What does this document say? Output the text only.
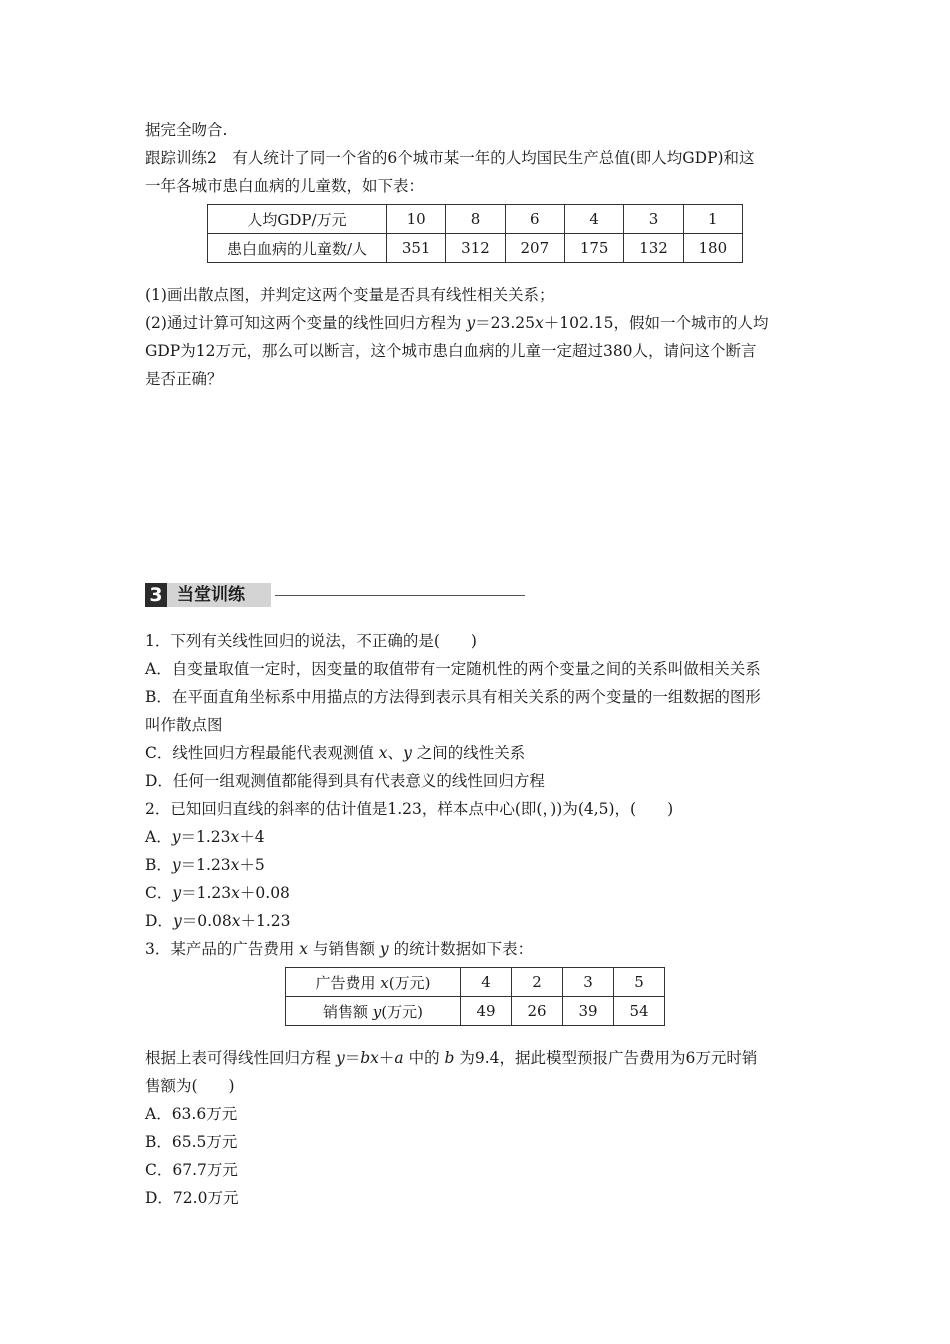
据完全吻合.

跟踪训练2　有人统计了同一个省的6个城市某一年的人均国民生产总值(即人均GDP)和这

一年各城市患白血病的儿童数，如下表：

人均GDP/万元	10	8	6	4	3	1
患白血病的儿童数/人	351	312	207	175	132	180

(1)画出散点图，并判定这两个变量是否具有线性相关关系；

(2)通过计算可知这两个变量的线性回归方程为 y＝23.25x＋102.15，假如一个城市的人均

GDP为12万元，那么可以断言，这个城市患白血病的儿童一定超过380人，请问这个断言

是否正确？

3 当堂训练

1．下列有关线性回归的说法，不正确的是(　　)

A．自变量取值一定时，因变量的取值带有一定随机性的两个变量之间的关系叫做相关关系

B．在平面直角坐标系中用描点的方法得到表示具有相关关系的两个变量的一组数据的图形

叫作散点图

C．线性回归方程最能代表观测值 x、y 之间的线性关系

D．任何一组观测值都能得到具有代表意义的线性回归方程

2．已知回归直线的斜率的估计值是1.23，样本点中心(即(，))为(4,5)，(　　)

A．y＝1.23x＋4

B．y＝1.23x＋5

C．y＝1.23x＋0.08

D．y＝0.08x＋1.23

3．某产品的广告费用 x 与销售额 y 的统计数据如下表：

广告费用 x(万元)	4	2	3	5
销售额 y(万元)	49	26	39	54

根据上表可得线性回归方程 y＝bx＋a 中的 b 为9.4，据此模型预报广告费用为6万元时销

售额为(　　)

A．63.6万元

B．65.5万元

C．67.7万元

D．72.0万元
